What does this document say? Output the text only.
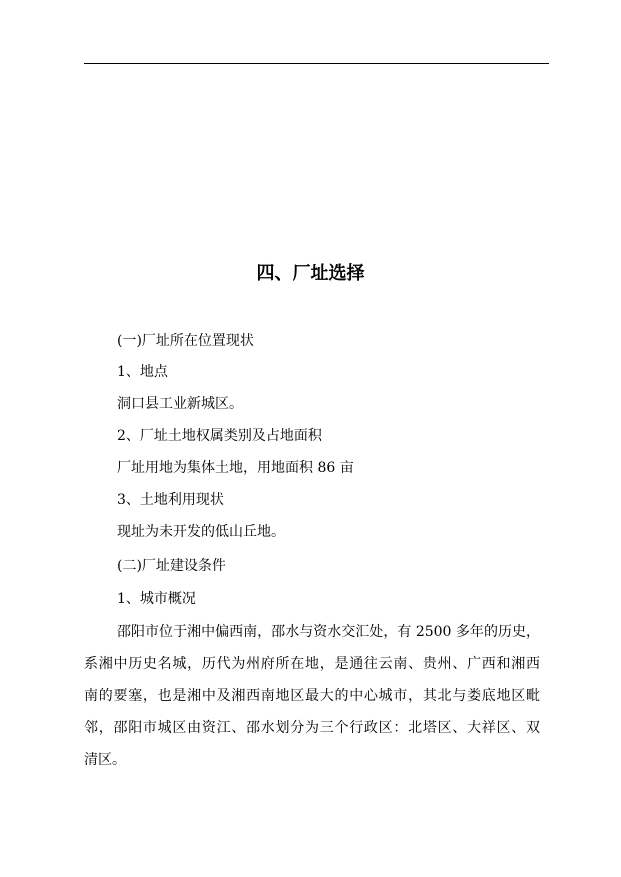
四、厂址选择
(一)厂址所在位置现状
1、地点
洞口县工业新城区。
2、厂址土地权属类别及占地面积
厂址用地为集体土地，用地面积 86 亩
3、土地利用现状
现址为未开发的低山丘地。
(二)厂址建设条件
1、城市概况
邵阳市位于湘中偏西南，邵水与资水交汇处，有 2500 多年的历史，
系湘中历史名城，历代为州府所在地，是通往云南、贵州、广西和湘西
南的要塞，也是湘中及湘西南地区最大的中心城市，其北与娄底地区毗
邻，邵阳市城区由资江、邵水划分为三个行政区：北塔区、大祥区、双
清区。
